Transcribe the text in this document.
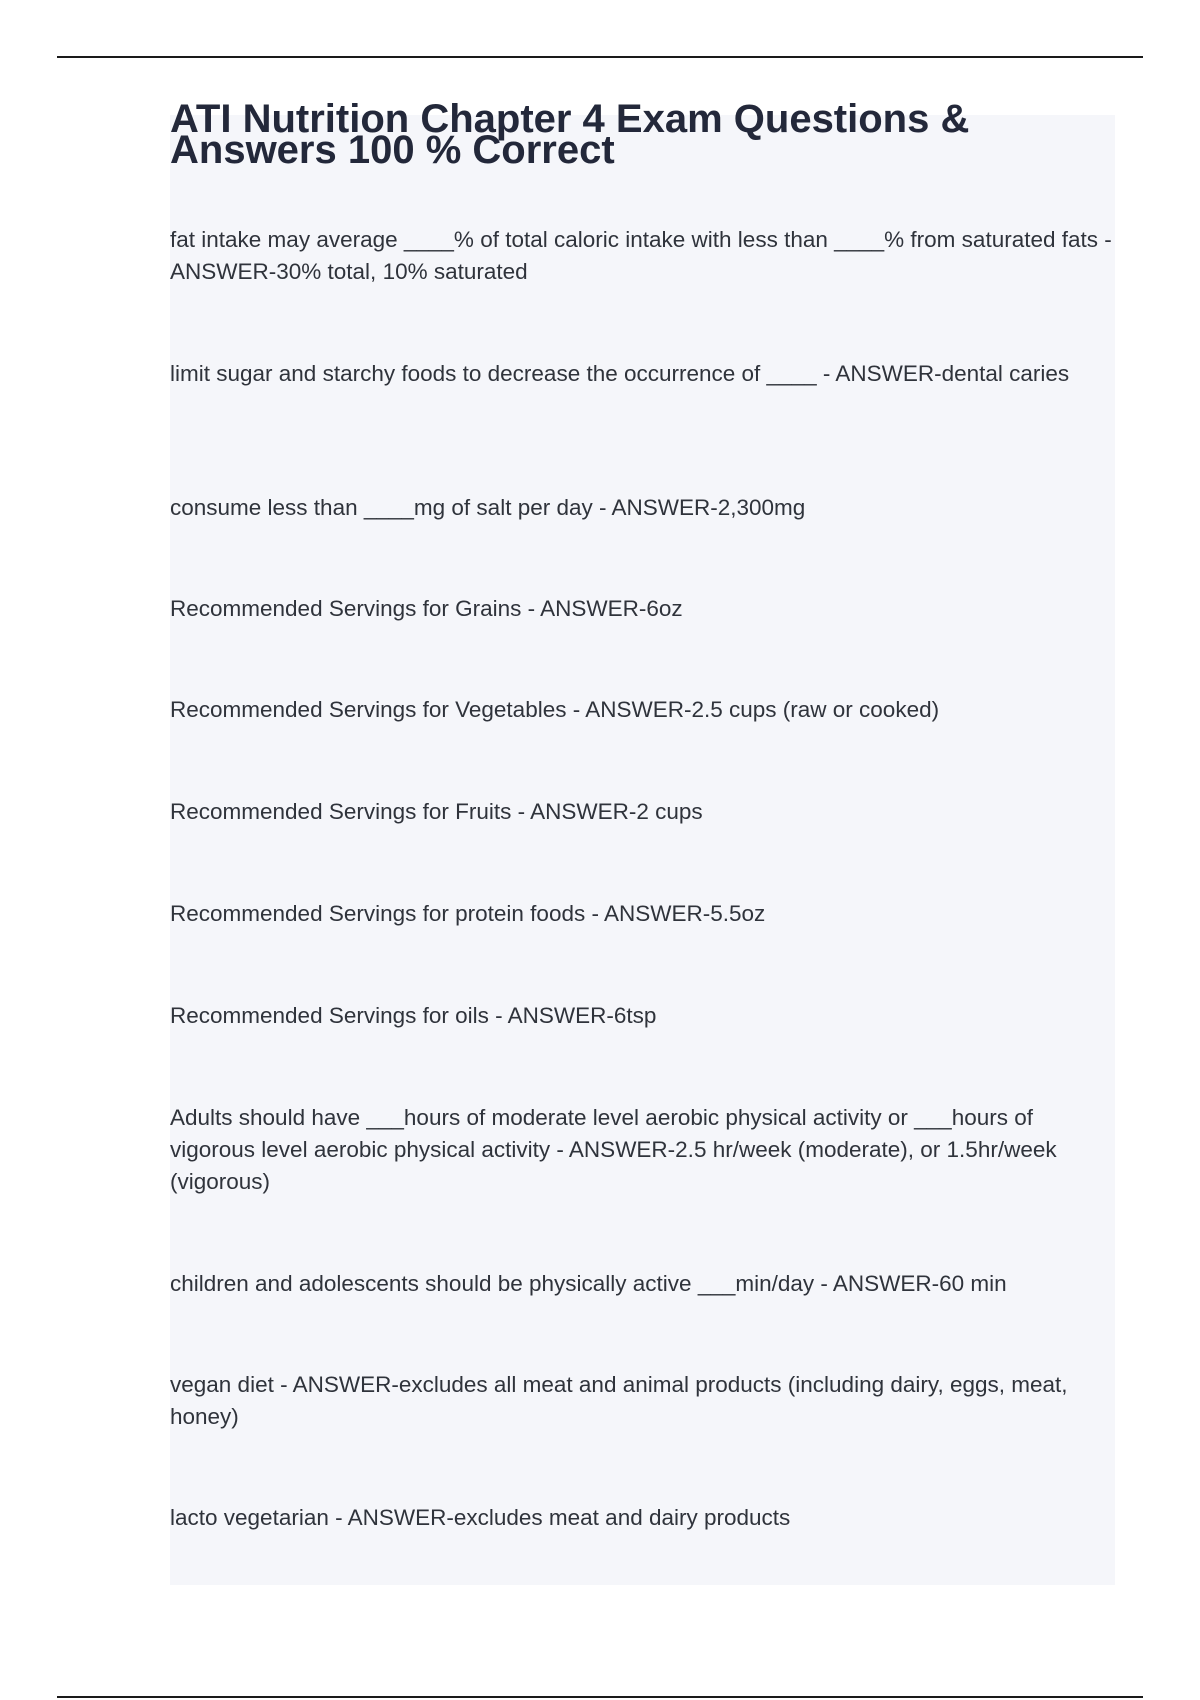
ATI Nutrition Chapter 4 Exam Questions & Answers 100 % Correct
fat intake may average ____% of total caloric intake with less than ____% from saturated fats - ANSWER-30% total, 10% saturated
limit sugar and starchy foods to decrease the occurrence of ____ - ANSWER-dental caries
consume less than ____mg of salt per day - ANSWER-2,300mg
Recommended Servings for Grains - ANSWER-6oz
Recommended Servings for Vegetables - ANSWER-2.5 cups (raw or cooked)
Recommended Servings for Fruits - ANSWER-2 cups
Recommended Servings for protein foods - ANSWER-5.5oz
Recommended Servings for oils - ANSWER-6tsp
Adults should have ___hours of moderate level aerobic physical activity or ___hours of vigorous level aerobic physical activity - ANSWER-2.5 hr/week (moderate), or 1.5hr/week (vigorous)
children and adolescents should be physically active ___min/day - ANSWER-60 min
vegan diet - ANSWER-excludes all meat and animal products (including dairy, eggs, meat, honey)
lacto vegetarian - ANSWER-excludes meat and dairy products
